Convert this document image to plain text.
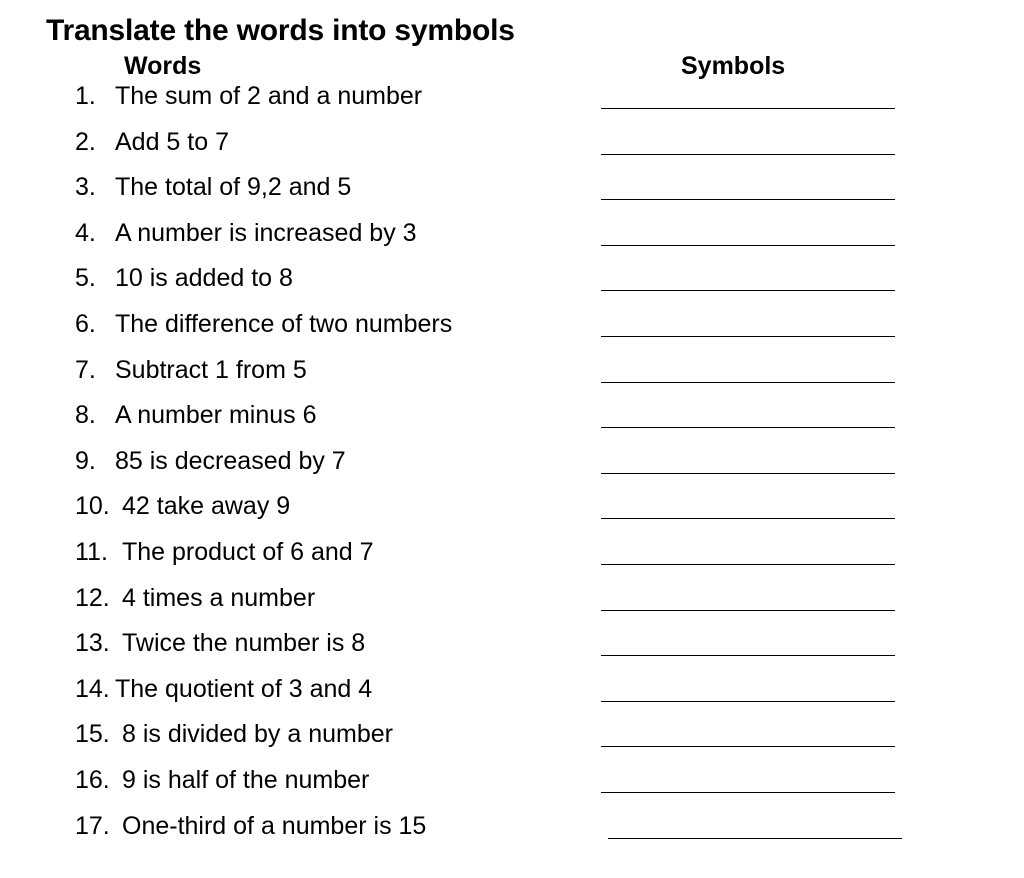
Translate the words into symbols
Words	Symbols
1. The sum of 2 and a number
2. Add 5 to 7
3. The total of 9,2 and 5
4. A number is increased by 3
5. 10 is added to 8
6. The difference of two numbers
7. Subtract 1 from 5
8. A number minus 6
9. 85 is decreased by 7
10. 42 take away 9
11. The product of 6 and 7
12. 4 times a number
13. Twice the number is 8
14. The quotient of 3 and 4
15. 8 is divided by a number
16. 9 is half of the number
17. One-third of a number is 15
